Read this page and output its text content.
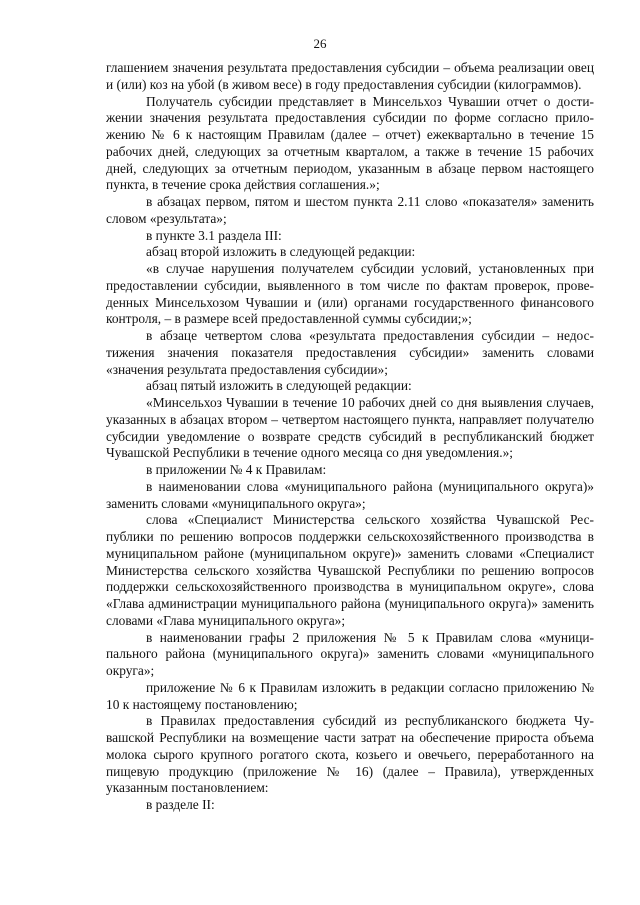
26

глашением значения результата предоставления субсидии – объема реализации овец и (или) коз на убой (в живом весе) в году предоставления субсидии (килограммов).

Получатель субсидии представляет в Минсельхоз Чувашии отчет о достижении значения результата предоставления субсидии по форме согласно приложению № 6 к настоящим Правилам (далее – отчет) ежеквартально в течение 15 рабочих дней, следующих за отчетным кварталом, а также в течение 15 рабочих дней, следующих за отчетным периодом, указанным в абзаце первом настоящего пункта, в течение срока действия соглашения.»;

в абзацах первом, пятом и шестом пункта 2.11 слово «показателя» заменить словом «результата»;

в пункте 3.1 раздела III:

абзац второй изложить в следующей редакции:

«в случае нарушения получателем субсидии условий, установленных при предоставлении субсидии, выявленного в том числе по фактам проверок, проведенных Минсельхозом Чувашии и (или) органами государственного финансового контроля, – в размере всей предоставленной суммы субсидии;»;

в абзаце четвертом слова «результата предоставления субсидии – недостижения значения показателя предоставления субсидии» заменить словами «значения результата предоставления субсидии»;

абзац пятый изложить в следующей редакции:

«Минсельхоз Чувашии в течение 10 рабочих дней со дня выявления случаев, указанных в абзацах втором – четвертом настоящего пункта, направляет получателю субсидии уведомление о возврате средств субсидий в республиканский бюджет Чувашской Республики в течение одного месяца со дня уведомления.»;

в приложении № 4 к Правилам:

в наименовании слова «муниципального района (муниципального округа)» заменить словами «муниципального округа»;

слова «Специалист Министерства сельского хозяйства Чувашской Республики по решению вопросов поддержки сельскохозяйственного производства в муниципальном районе (муниципальном округе)» заменить словами «Специалист Министерства сельского хозяйства Чувашской Республики по решению вопросов поддержки сельскохозяйственного производства в муниципальном округе», слова «Глава администрации муниципального района (муниципального округа)» заменить словами «Глава муниципального округа»;

в наименовании графы 2 приложения № 5 к Правилам слова «муниципального района (муниципального округа)» заменить словами «муниципального округа»;

приложение № 6 к Правилам изложить в редакции согласно приложению № 10 к настоящему постановлению;

в Правилах предоставления субсидий из республиканского бюджета Чувашской Республики на возмещение части затрат на обеспечение прироста объема молока сырого крупного рогатого скота, козьего и овечьего, переработанного на пищевую продукцию (приложение № 16) (далее – Правила), утвержденных указанным постановлением:

в разделе II:
